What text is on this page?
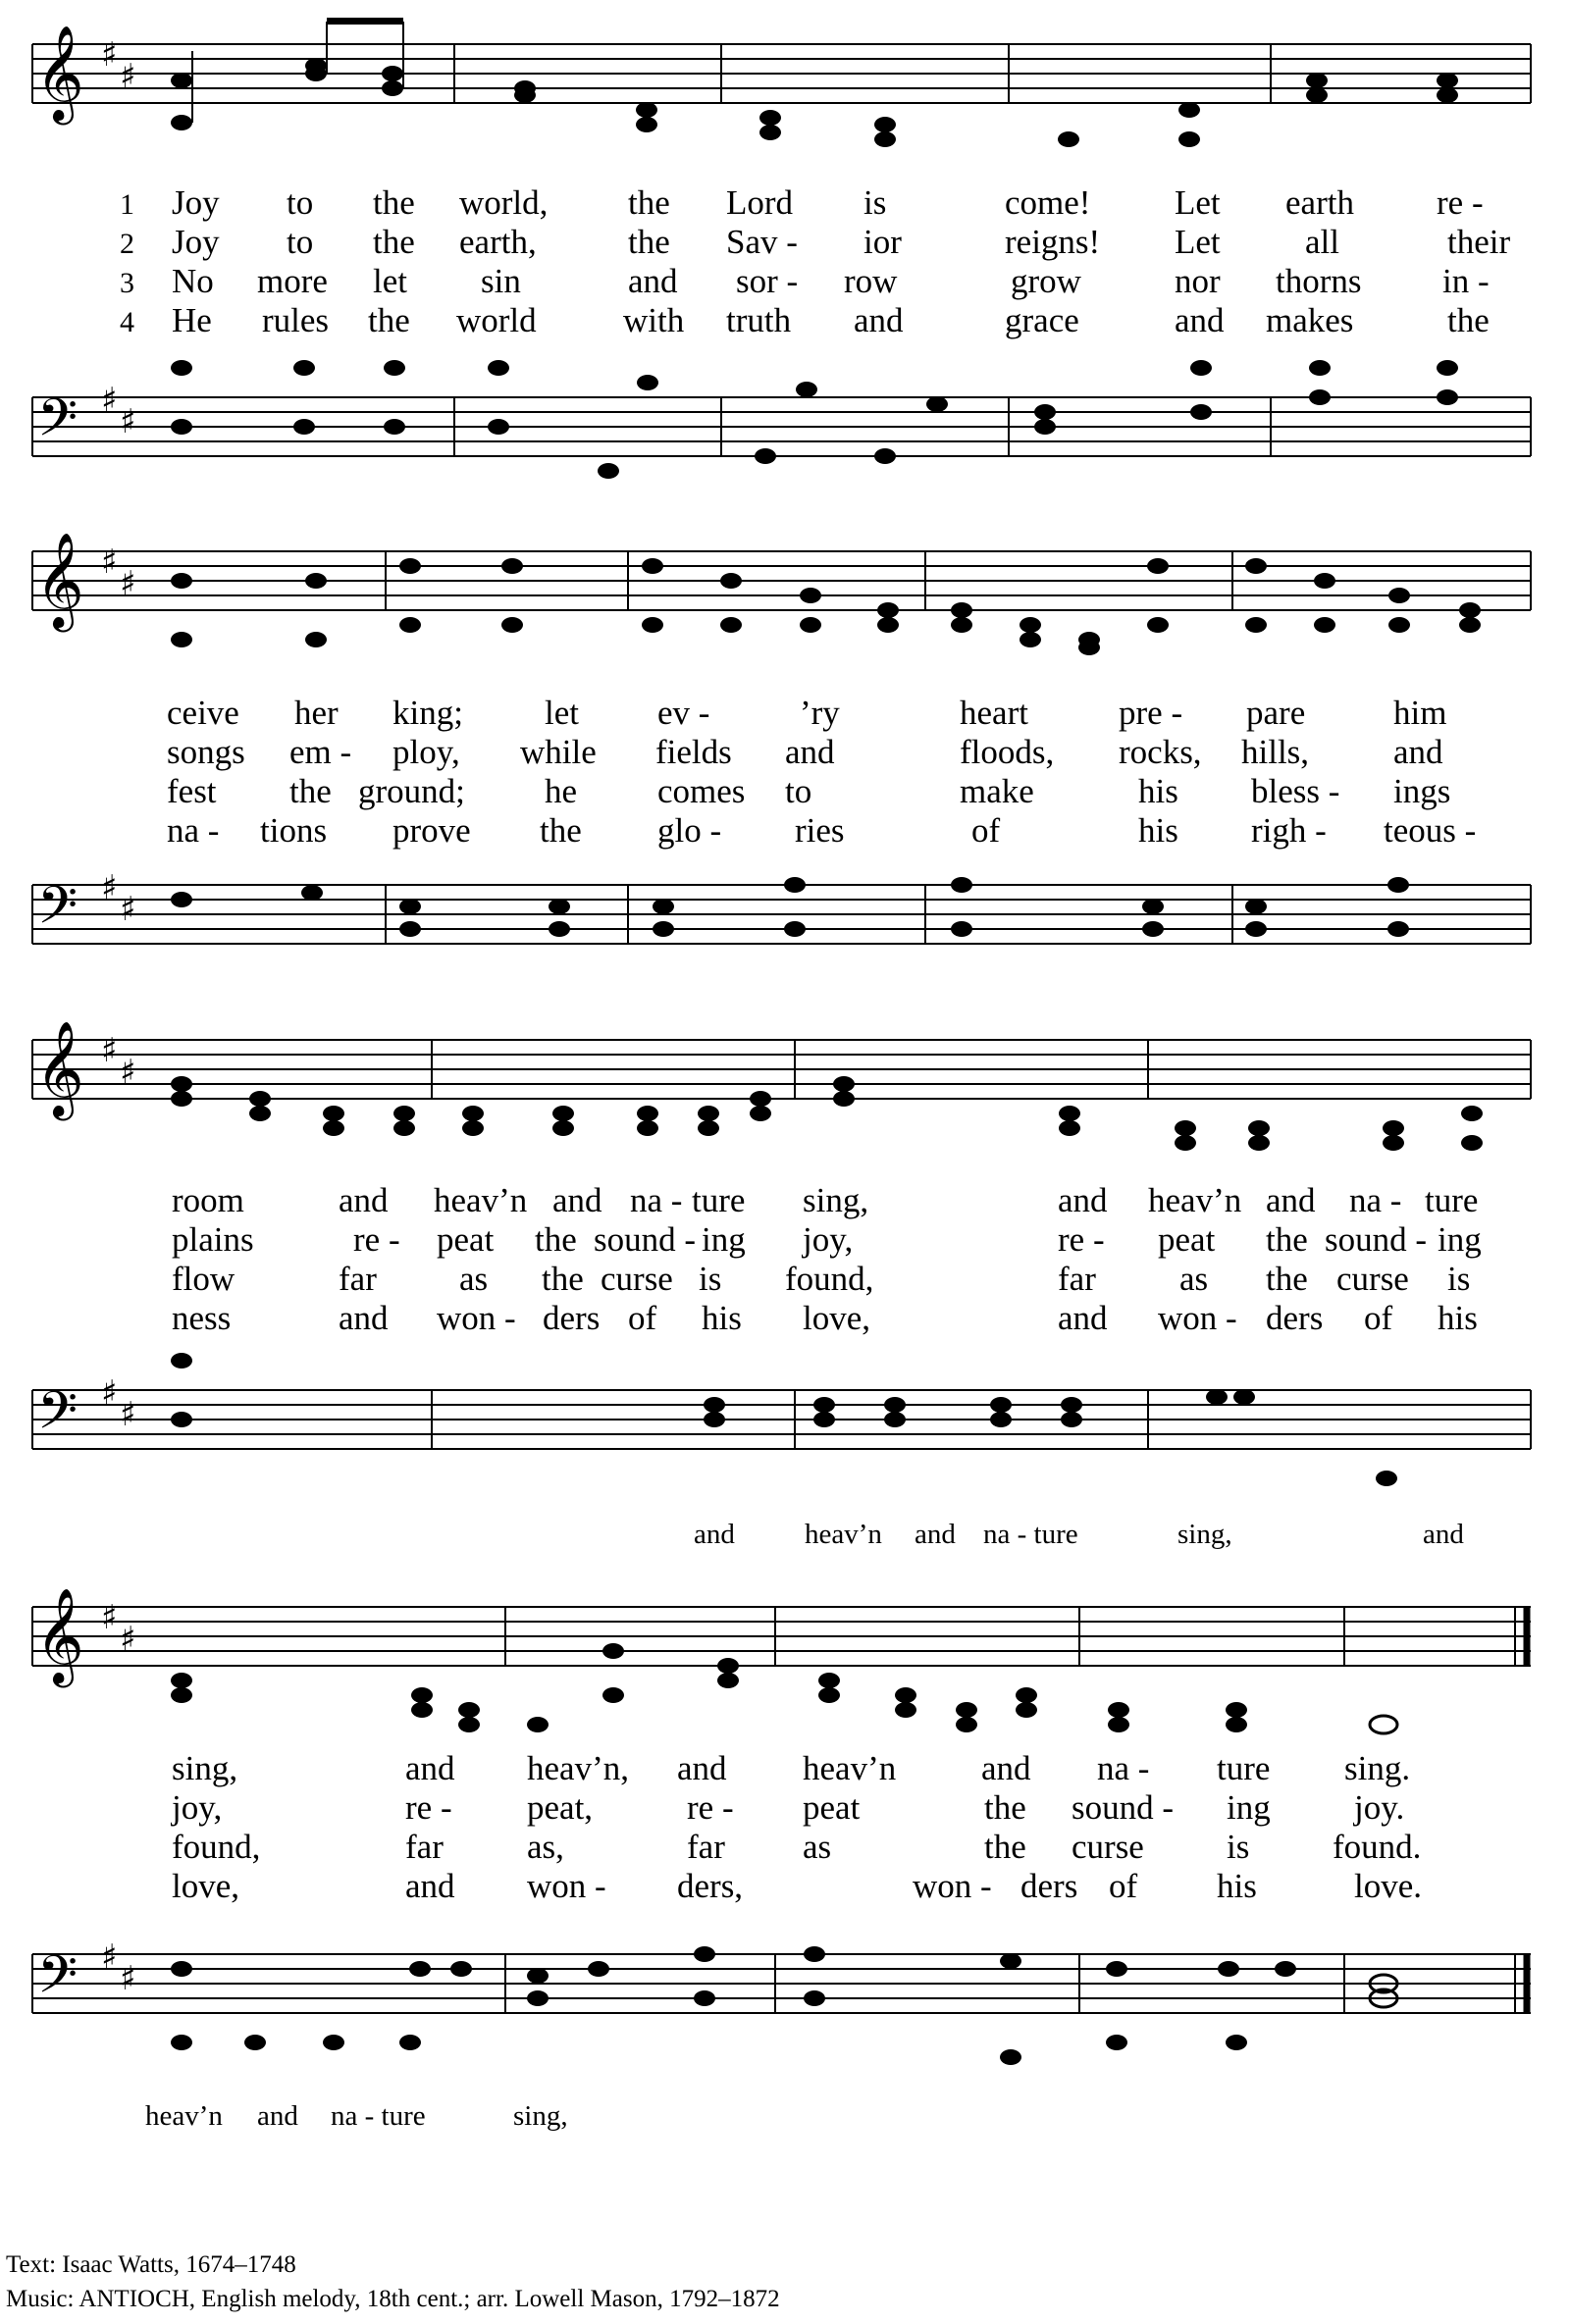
𝄞 ♯
♯
1 Joy to the world, the Lord is	come! Let earth re -
2 Joy to the earth,	the Sav - ior	reigns! Let all	their
3 No more let sin	and sor - row	grow	nor thorns in -
4 He rules the world	with truth and	grace	and makes	the
𝄢 ♯
♯
𝄞 ♯
♯
ceive her king; let ev -	’ry	heart	pre - pare	him
songs em - ploy, while fields and	floods, rocks, hills, and
fest the ground; he comes to	make	his bless - ings
na - tions prove the glo - ries	of	his righ - teous -
𝄢 ♯
♯
𝄞 ♯
♯
room	and heav’n and na - ture sing,	and heav’n and na - ture
plains	re - peat the sound - ing joy,	re - peat the sound - ing
flow	far as the curse is found,	far as the curse is
ness	and won - ders of his love,	and won - ders of his
𝄢 ♯
♯
and heav’n and na - ture	sing,	and
𝄞 ♯
♯
sing,	and heav’n, and heav’n and na - ture sing.
joy,	re - peat,	re - peat	the sound - ing joy.
found,	far as,	far as	the curse is found.
love,	and won - ders,	won - ders of his	love.
𝄢 ♯
♯
heav’n and na - ture	sing,
Text: Isaac Watts, 1674–1748
Music: ANTIOCH, English melody, 18th cent.; arr. Lowell Mason, 1792–1872
